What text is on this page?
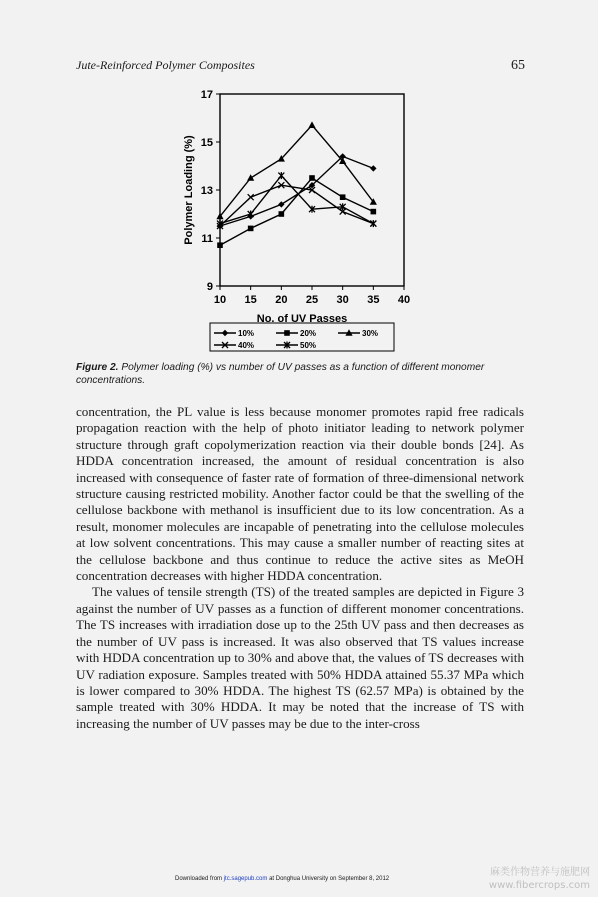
Jute-Reinforced Polymer Composites	65
9
11
13
15
17
10 15 20 25 30 35 40
No. of UV Passes
Polymer Loading (%)
10%	20%	30%
40%	50%
Figure 2. Polymer loading (%) vs number of UV passes as a function of different monomer concentrations.

concentration, the PL value is less because monomer promotes rapid free radicals propagation reaction with the help of photo initiator leading to network polymer structure through graft copolymerization reaction via their double bonds [24]. As HDDA concentration increased, the amount of residual concentration is also increased with consequence of faster rate of formation of three-dimensional network structure causing restricted mobility. Another factor could be that the swelling of the cellulose backbone with methanol is insufficient due to its low concentration. As a result, monomer molecules are incapable of penetrating into the cellulose molecules at low solvent concentrations. This may cause a smaller number of reacting sites at the cellulose backbone and thus continue to reduce the active sites as MeOH concentration decreases with higher HDDA concentration.

The values of tensile strength (TS) of the treated samples are depicted in Figure 3 against the number of UV passes as a function of different monomer concentrations. The TS increases with irradiation dose up to the 25th UV pass and then decreases as the number of UV pass is increased. It was also observed that TS values increase with HDDA concentration up to 30% and above that, the values of TS decreases with UV radiation exposure. Samples treated with 50% HDDA attained 55.37 MPa which is lower compared to 30% HDDA. The highest TS (62.57 MPa) is obtained by the sample treated with 30% HDDA. It may be noted that the increase of TS with increasing the number of UV passes may be due to the inter-cross

Downloaded from jtc.sagepub.com at Donghua University on September 8, 2012
麻类作物营养与施肥网
www.fibercrops.com
